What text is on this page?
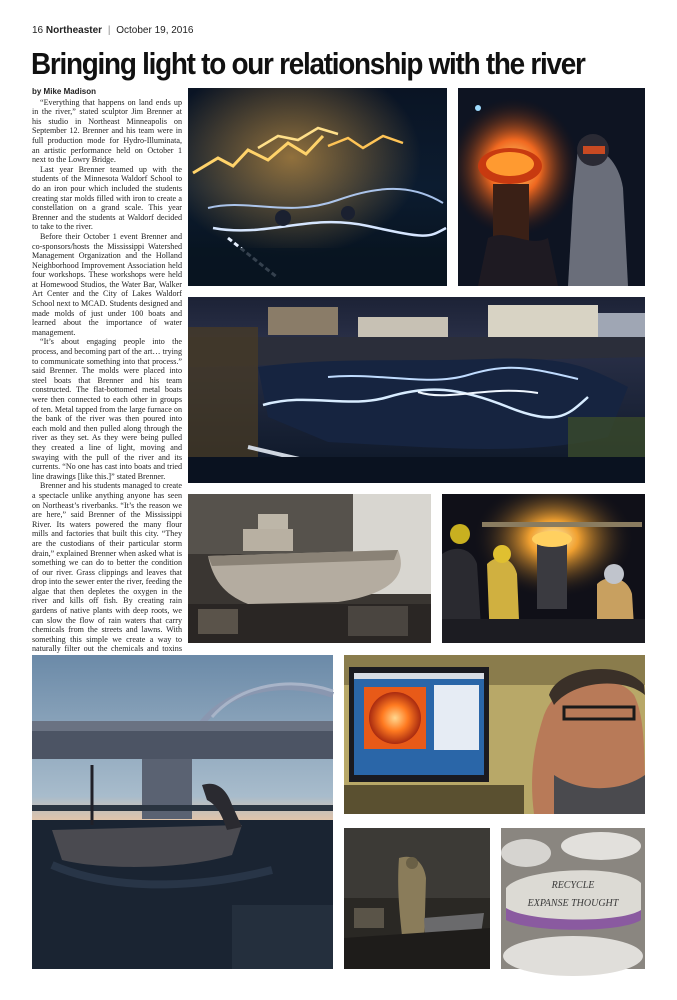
16 Northeaster | October 19, 2016
Bringing light to our relationship with the river
by Mike Madison

“Everything that happens on land ends up in the river,” stated sculptor Jim Brenner at his studio in Northeast Minneapolis on September 12. Brenner and his team were in full production mode for Hydro-Illuminata, an artistic performance held on October 1 next to the Lowry Bridge.

Last year Brenner teamed up with the students of the Minnesota Waldorf School to do an iron pour which included the students creating star molds filled with iron to create a constellation on a grand scale. This year Brenner and the students at Waldorf decided to take to the river.

Before their October 1 event Brenner and co-sponsors/hosts the Mississippi Watershed Management Organization and the Holland Neighborhood Improvement Association held four workshops. These workshops were held at Homewood Studios, the Water Bar, Walker Art Center and the City of Lakes Waldorf School next to MCAD. Students designed and made molds of just under 100 boats and learned about the importance of water management.

“It’s about engaging people into the process, and becoming part of the art… trying to communicate something into that process.” said Brenner. The molds were placed into steel boats that Brenner and his team constructed. The flat-bottomed metal boats were then connected to each other in groups of ten. Metal tapped from the large furnace on the bank of the river was then poured into each mold and then pulled along through the river as they set. As they were being pulled they created a line of light, moving and swaying with the pull of the river and its currents. “No one has cast into boats and tried line drawings [like this.]” stated Brenner.

Brenner and his students managed to create a spectacle unlike anything anyone has seen on Northeast’s riverbanks. “It’s the reason we are here,” said Brenner of the Mississippi River. Its waters powered the many flour mills and factories that built this city. “They are the custodians of their particular storm drain,” explained Brenner when asked what is something we can do to better the condition of our river. Grass clippings and leaves that drop into the sewer enter the river, feeding the algae that then depletes the oxygen in the river and kills off fish. By creating rain gardens of native plants with deep roots, we can slow the flow of rain waters that carry chemicals from the streets and lawns. With something this simple we create a way to naturally filter out the chemicals and toxins

RECYCLE
EXPANSE THOUGHT
